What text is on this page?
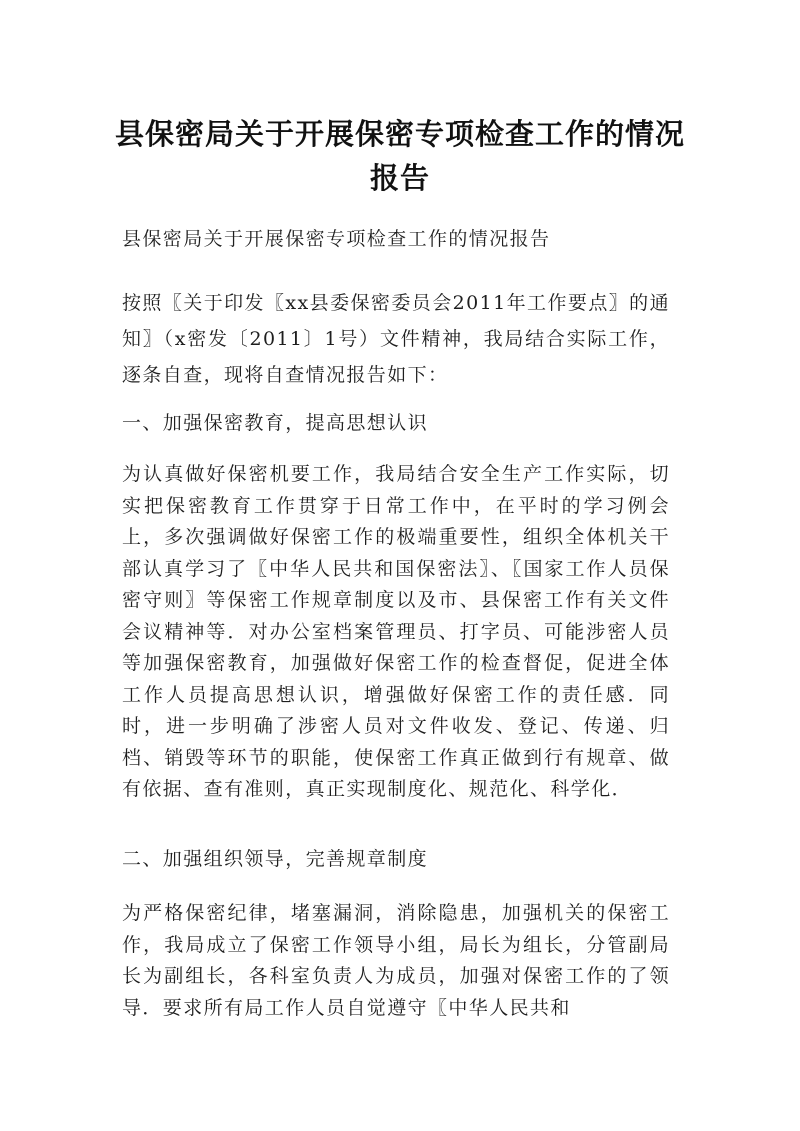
县保密局关于开展保密专项检查工作的情况报告

县保密局关于开展保密专项检查工作的情况报告

按照〖关于印发〖xx县委保密委员会2011年工作要点〗的通知〗（x密发〔2011〕1号）文件精神，我局结合实际工作，逐条自查，现将自查情况报告如下：

一、加强保密教育，提高思想认识

为认真做好保密机要工作，我局结合安全生产工作实际，切实把保密教育工作贯穿于日常工作中，在平时的学习例会上，多次强调做好保密工作的极端重要性，组织全体机关干部认真学习了〖中华人民共和国保密法〗、〖国家工作人员保密守则〗等保密工作规章制度以及市、县保密工作有关文件会议精神等．对办公室档案管理员、打字员、可能涉密人员等加强保密教育，加强做好保密工作的检查督促，促进全体工作人员提高思想认识，增强做好保密工作的责任感．同时，进一步明确了涉密人员对文件收发、登记、传递、归档、销毁等环节的职能，使保密工作真正做到行有规章、做有依据、查有准则，真正实现制度化、规范化、科学化．

二、加强组织领导，完善规章制度

为严格保密纪律，堵塞漏洞，消除隐患，加强机关的保密工作，我局成立了保密工作领导小组，局长为组长，分管副局长为副组长，各科室负责人为成员，加强对保密工作的了领导．要求所有局工作人员自觉遵守〖中华人民共和
